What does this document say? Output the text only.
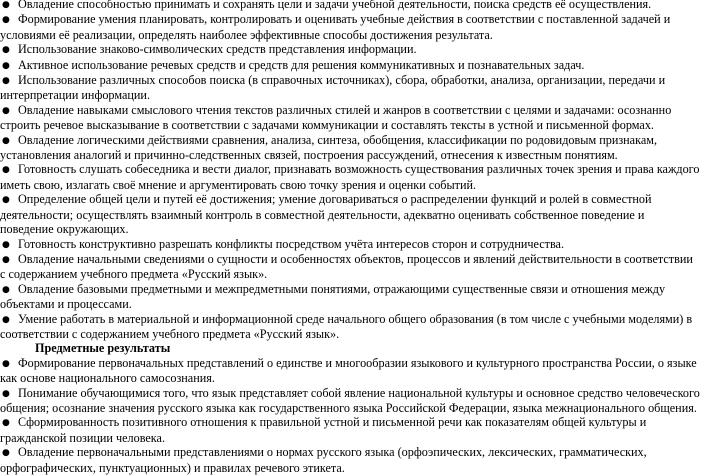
● Овладение способностью принимать и сохранять цели и задачи учебной деятельности, поиска средств её осуществления.

● Формирование умения планировать, контролировать и оценивать учебные действия в соответствии с поставленной задачей и условиями её реализации, определять наиболее эффективные способы достижения результата.

● Использование знаково-символических средств представления информации.

● Активное использование речевых средств и средств для решения коммуникативных и познавательных задач.

● Использование различных способов поиска (в справочных источниках), сбора, обработки, анализа, организации, передачи и интерпретации информации.

● Овладение навыками смыслового чтения текстов различных стилей и жанров в соответствии с целями и задачами: осознанно строить речевое высказывание в соответствии с задачами коммуникации и составлять тексты в устной и письменной формах.

● Овладение логическими действиями сравнения, анализа, синтеза, обобщения, классификации по родовидовым признакам, установления аналогий и причинно-следственных связей, построения рассуждений, отнесения к известным понятиям.

● Готовность слушать собеседника и вести диалог, признавать возможность существования различных точек зрения и права каждого иметь свою, излагать своё мнение и аргументировать свою точку зрения и оценки событий.

● Определение общей цели и путей её достижения; умение договариваться о распределении функций и ролей в совместной деятельности; осуществлять взаимный контроль в совместной деятельности, адекватно оценивать собственное поведение и поведение окружающих.

● Готовность конструктивно разрешать конфликты посредством учёта интересов сторон и сотрудничества.

● Овладение начальными сведениями о сущности и особенностях объектов, процессов и явлений действительности в соответствии с содержанием учебного предмета «Русский язык».

● Овладение базовыми предметными и межпредметными понятиями, отражающими существенные связи и отношения между объектами и процессами.

● Умение работать в материальной и информационной среде начального общего образования (в том числе с учебными моделями) в соответствии с содержанием учебного предмета «Русский язык».

Предметные результаты

● Формирование первоначальных представлений о единстве и многообразии языкового и культурного пространства России, о языке как основе национального самосознания.

● Понимание обучающимися того, что язык представляет собой явление национальной культуры и основное средство человеческого общения; осознание значения русского языка как государственного языка Российской Федерации, языка межнационального общения.

● Сформированность позитивного отношения к правильной устной и письменной речи как показателям общей культуры и гражданской позиции человека.

● Овладение первоначальными представлениями о нормах русского языка (орфоэпических, лексических, грамматических, орфографических, пунктуационных) и правилах речевого этикета.
